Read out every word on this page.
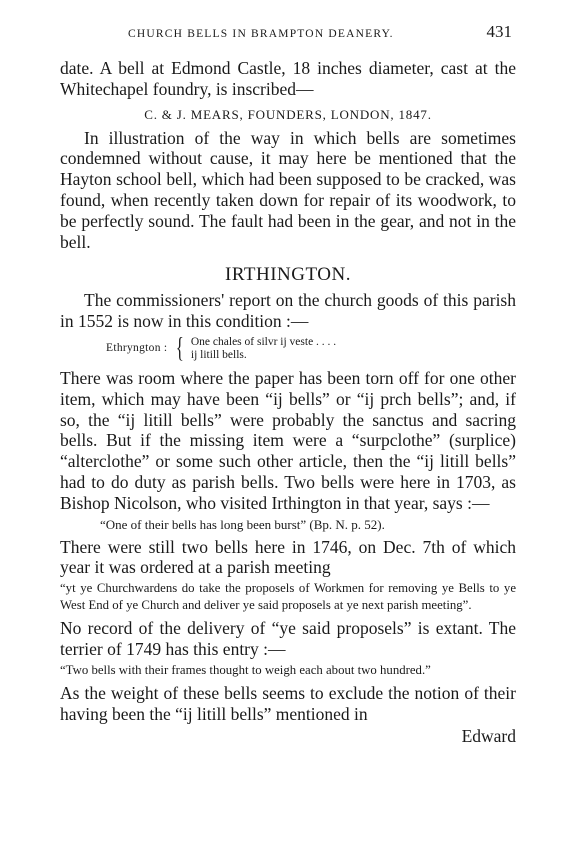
CHURCH BELLS IN BRAMPTON DEANERY.	431

date. A bell at Edmond Castle, 18 inches diameter, cast at the Whitechapel foundry, is inscribed—

C. & J. MEARS, FOUNDERS, LONDON, 1847.

In illustration of the way in which bells are sometimes condemned without cause, it may here be mentioned that the Hayton school bell, which had been supposed to be cracked, was found, when recently taken down for repair of its woodwork, to be perfectly sound. The fault had been in the gear, and not in the bell.

IRTHINGTON.

The commissioners' report on the church goods of this parish in 1552 is now in this condition :—

Ethryngton : { One chales of silvr ij veste . . . .
ij litill bells.

There was room where the paper has been torn off for one other item, which may have been “ij bells” or “ij prch bells”; and, if so, the “ij litill bells” were probably the sanctus and sacring bells. But if the missing item were a “surpclothe” (surplice) “alterclothe” or some such other article, then the “ij litill bells” had to do duty as parish bells. Two bells were here in 1703, as Bishop Nicolson, who visited Irthington in that year, says :—

“One of their bells has long been burst” (Bp. N. p. 52).

There were still two bells here in 1746, on Dec. 7th of which year it was ordered at a parish meeting

“yt ye Churchwardens do take the proposels of Workmen for removing ye Bells to ye West End of ye Church and deliver ye said proposels at ye next parish meeting”.

No record of the delivery of “ye said proposels” is extant. The terrier of 1749 has this entry :—

“Two bells with their frames thought to weigh each about two hundred.”

As the weight of these bells seems to exclude the notion of their having been the “ij litill bells” mentioned in

Edward
